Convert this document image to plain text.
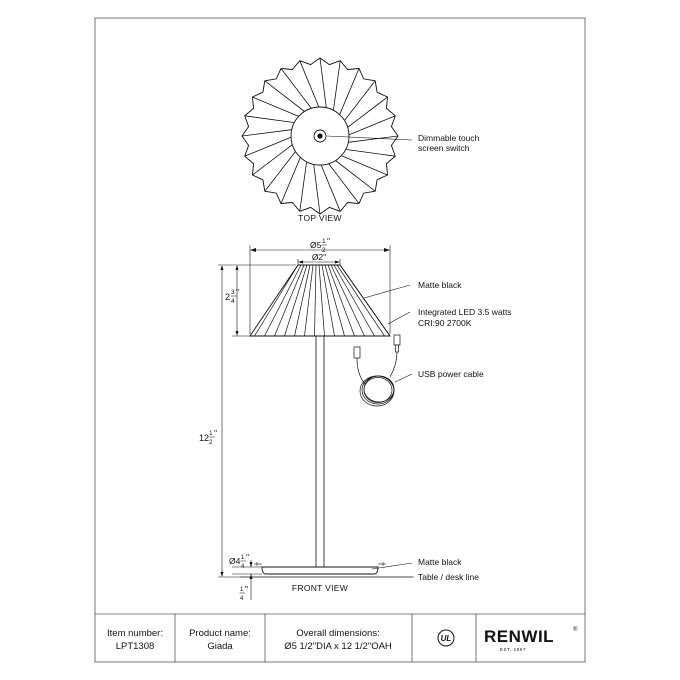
Dimmable touch
screen switch
TOP VIEW
Matte black
Integrated LED 3.5 watts
CRI:90 2700K
USB power cable
Matte black
Table / desk line
FRONT VIEW
Ø5 1
2
"
Ø2"
2 3
4
"
12 1
2
"
Ø4 1
4
"
1
4
"
Item number:
LPT1308
Product name:
Giada
Overall dimensions:
Ø5 1/2"DIA x 12 1/2"OAH
UL RENWIL	®
EST. 1967
